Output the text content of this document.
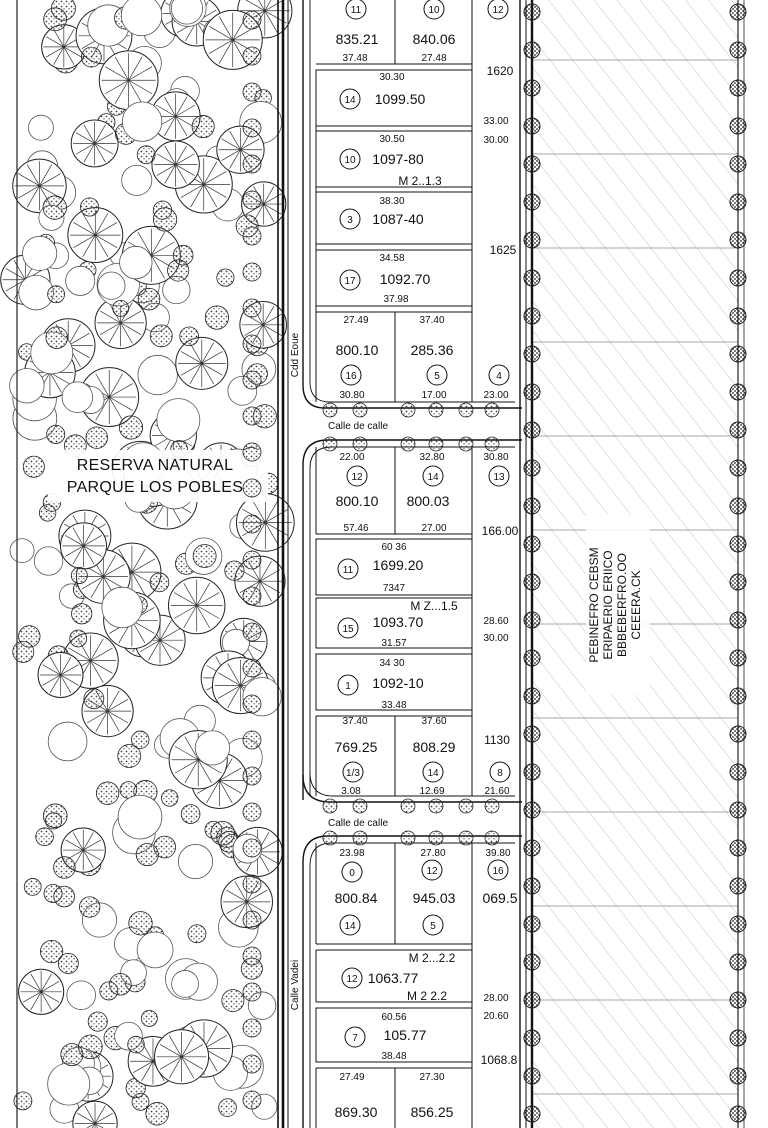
RESERVA NATURAL
PARQUE LOS POBLES
PEBINEFRO CEBSM ERIPAERIO ERIICO BBBEBERFRO.OO CEEERA.CK
11
835.21
37.48
10
840.06
27.48
12
30.30
14 1099.50
30.50
10 1097-80
M 2..1.3
38.30
3 1087-40
34.58
17 1092.70
37.98
27.49
800.10
16
30.80
37.40
285.36
5
17.00
4
23.00
1620
33.00
30.00
1625
Calle de calle
Cdd Eoue
22.00
12
800.10
57.46
32.80
14
800.03
27.00
30.80
13
60 36
11 1699.20
7347
M Z...1.5
15 1093.70
31.57
34 30
1 1092-10
33.48
37.40
769.25
1/3
3.08
37.60
808.29
14
12.69
8
21.60
166.00
28.60
30.00
1130
Calle de calle
Calle Vadei
23.98
0
800.84
14
27.80
12
945.03
5
39.80
16
069.5
M 2...2.2
12 1063.77
M 2 2.2
60.56
7 105.77
38.48
27.49
869.30
27.30
856.25
28.00
20.60
1068.8
